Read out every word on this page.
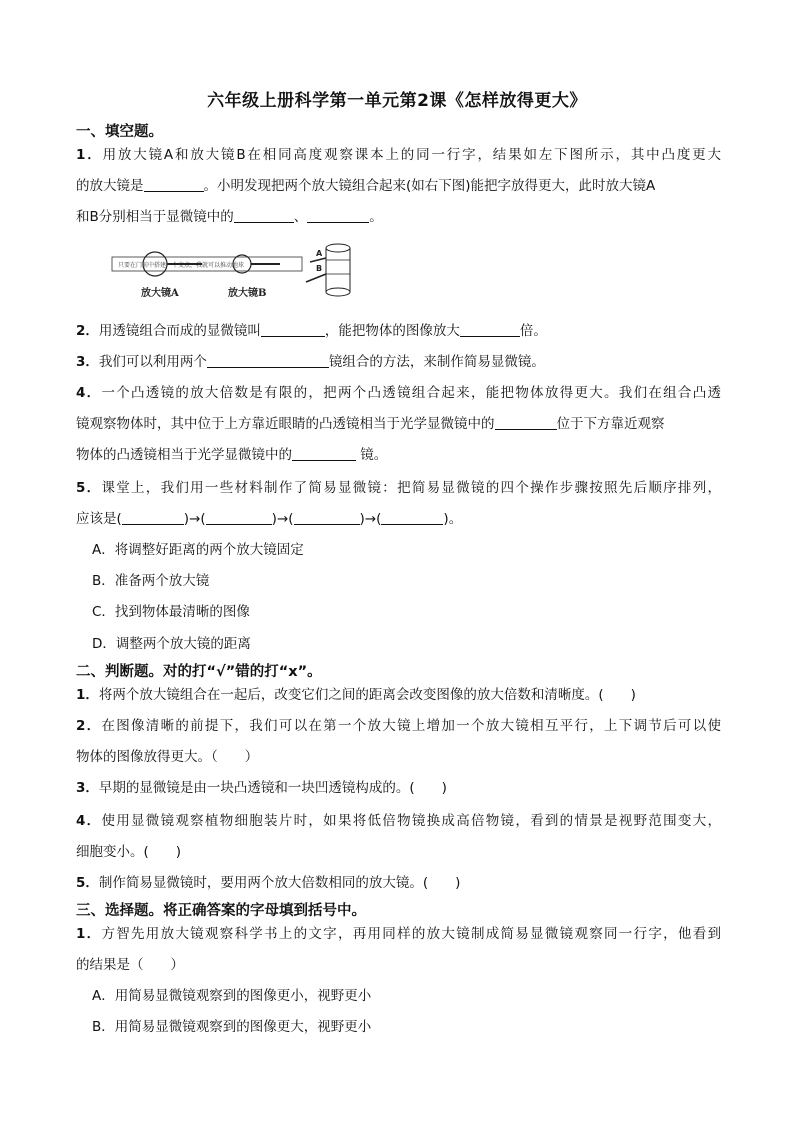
六年级上册科学第一单元第2课《怎样放得更大》
一、填空题。
1．用放大镜A和放大镜B在相同高度观察课本上的同一行字，结果如左下图所示，其中凸度更大
的放大镜是	。小明发现把两个放大镜组合起来(如右下图)能把字放得更大，此时放大镜A
和B分别相当于显微镜中的	、	。
只要在门前中搭建一个支点，我就可以推动地球
放大镜A	放大镜B
A
B
2．用透镜组合而成的显微镜叫	，能把物体的图像放大	倍。
3．我们可以利用两个	镜组合的方法，来制作简易显微镜。
4．一个凸透镜的放大倍数是有限的，把两个凸透镜组合起来，能把物体放得更大。我们在组合凸透
镜观察物体时，其中位于上方靠近眼睛的凸透镜相当于光学显微镜中的	位于下方靠近观察
物体的凸透镜相当于光学显微镜中的	镜。
5．课堂上，我们用一些材料制作了简易显微镜：把简易显微镜的四个操作步骤按照先后顺序排列，
应该是(	)→(	)→(	)→(	)。
A．将调整好距离的两个放大镜固定
B．准备两个放大镜
C．找到物体最清晰的图像
D．调整两个放大镜的距离
二、判断题。对的打“√”错的打“x”。
1．将两个放大镜组合在一起后，改变它们之间的距离会改变图像的放大倍数和清晰度。(　　)
2．在图像清晰的前提下，我们可以在第一个放大镜上增加一个放大镜相互平行，上下调节后可以使
物体的图像放得更大。（　　）
3．早期的显微镜是由一块凸透镜和一块凹透镜构成的。(　　)
4．使用显微镜观察植物细胞装片时，如果将低倍物镜换成高倍物镜，看到的情景是视野范围变大，
细胞变小。(　　)
5．制作简易显微镜时，要用两个放大倍数相同的放大镜。(　　)
三、选择题。将正确答案的字母填到括号中。
1．方智先用放大镜观察科学书上的文字，再用同样的放大镜制成简易显微镜观察同一行字，他看到
的结果是（　　）
A．用简易显微镜观察到的图像更小，视野更小
B．用简易显微镜观察到的图像更大，视野更小
